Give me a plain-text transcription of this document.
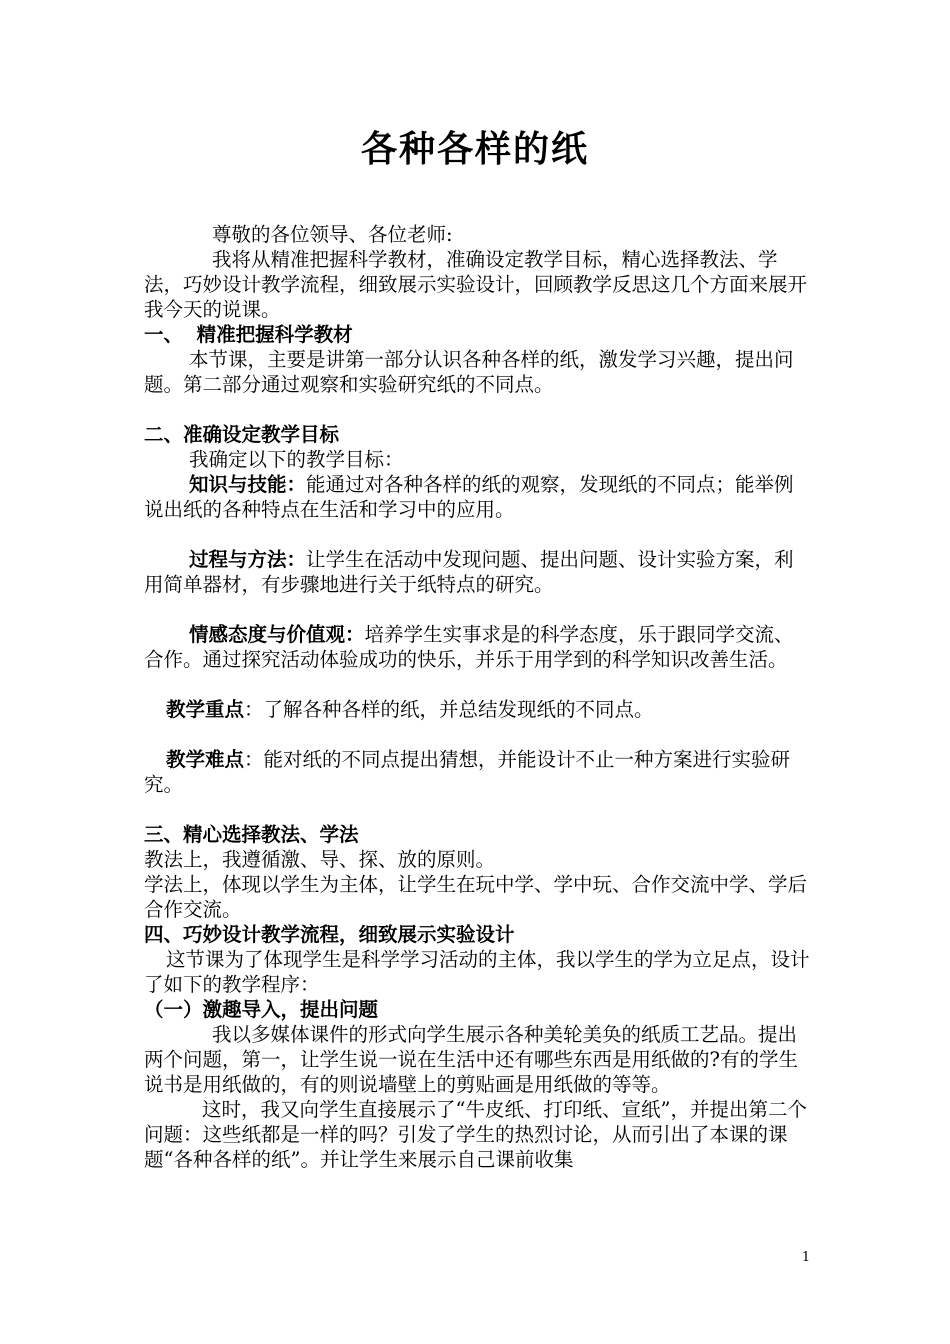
各种各样的纸

尊敬的各位领导、各位老师:

我将从精准把握科学教材，准确设定教学目标，精心选择教法、学法，巧妙设计教学流程，细致展示实验设计，回顾教学反思这几个方面来展开我今天的说课。

一、  精准把握科学教材

本节课，主要是讲第一部分认识各种各样的纸，激发学习兴趣，提出问题。第二部分通过观察和实验研究纸的不同点。

二、准确设定教学目标

我确定以下的教学目标：

知识与技能：能通过对各种各样的纸的观察，发现纸的不同点；能举例说出纸的各种特点在生活和学习中的应用。

过程与方法：让学生在活动中发现问题、提出问题、设计实验方案，利用简单器材，有步骤地进行关于纸特点的研究。

情感态度与价值观：培养学生实事求是的科学态度，乐于跟同学交流、合作。通过探究活动体验成功的快乐，并乐于用学到的科学知识改善生活。

教学重点：了解各种各样的纸，并总结发现纸的不同点。

教学难点：能对纸的不同点提出猜想，并能设计不止一种方案进行实验研究。

三、精心选择教法、学法

教法上，我遵循激、导、探、放的原则。

学法上，体现以学生为主体，让学生在玩中学、学中玩、合作交流中学、学后合作交流。

四、巧妙设计教学流程，细致展示实验设计

这节课为了体现学生是科学学习活动的主体，我以学生的学为立足点，设计了如下的教学程序：

（一）激趣导入，提出问题

我以多媒体课件的形式向学生展示各种美轮美奂的纸质工艺品。提出两个问题，第一，让学生说一说在生活中还有哪些东西是用纸做的?有的学生说书是用纸做的，有的则说墙壁上的剪贴画是用纸做的等等。

这时，我又向学生直接展示了“牛皮纸、打印纸、宣纸”，并提出第二个问题：这些纸都是一样的吗？引发了学生的热烈讨论，从而引出了本课的课题“各种各样的纸”。并让学生来展示自己课前收集

1
